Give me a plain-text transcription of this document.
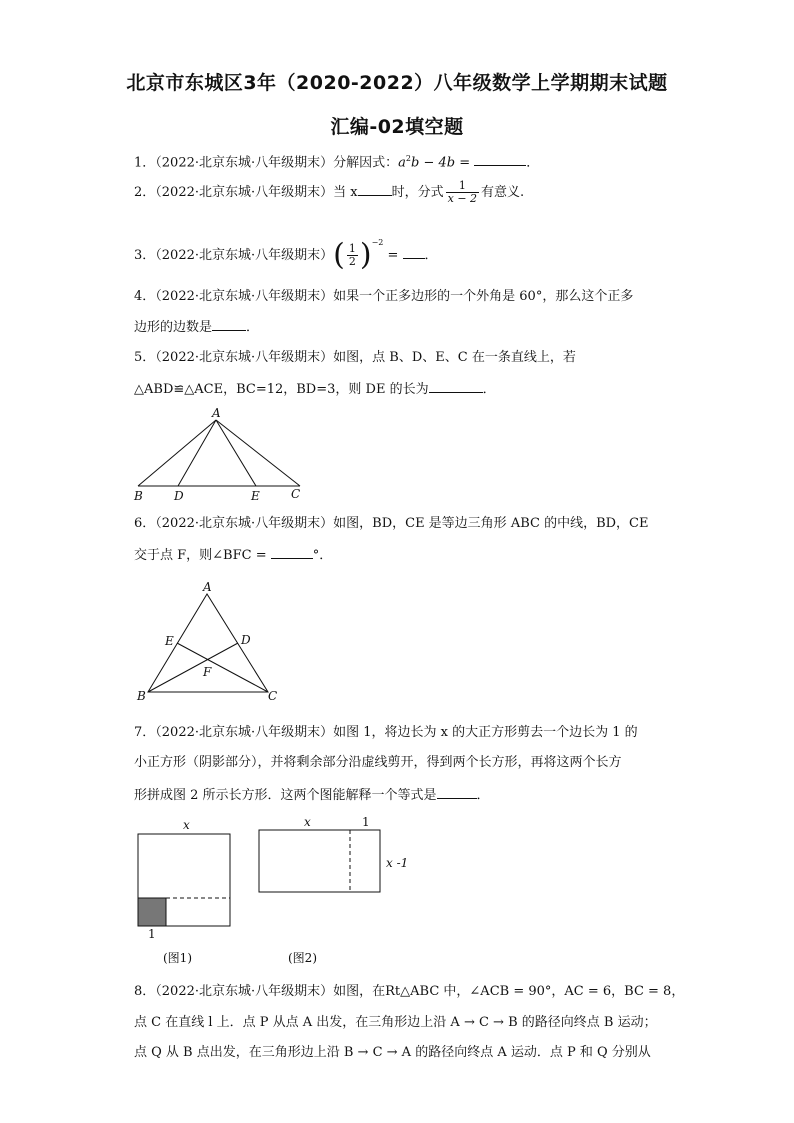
北京市东城区3年（2020-2022）八年级数学上学期期末试题
汇编-02填空题
1．（2022·北京东城·八年级期末）分解因式：$a^2b - 4b$ =	．
2．（2022·北京东城·八年级期末）当 x	时，分式 $\frac{1}{x - 2}$ 有意义.
3．（2022·北京东城·八年级期末）( $\frac{1}{2} )^{-2}$ = ．
4．（2022·北京东城·八年级期末）如果一个正多边形的一个外角是 60°，那么这个正多
边形的边数是	．
5．（2022·北京东城·八年级期末）如图，点 B、D、E、C 在一条直线上，若
△ABD≌△ACE，BC=12，BD=3，则 DE 的长为	．
A
B	D	E	C
6．（2022·北京东城·八年级期末）如图，BD，CE 是等边三角形 ABC 的中线，BD，CE
交于点 F，则∠BFC =	°．
A
E	D
F
B	C
7．（2022·北京东城·八年级期末）如图 1，将边长为 x 的大正方形剪去一个边长为 1 的
小正方形（阴影部分），并将剩余部分沿虚线剪开，得到两个长方形，再将这两个长方
形拼成图 2 所示长方形．这两个图能解释一个等式是	．
x
1
x	1
x -1
(图1)	(图2)
8．（2022·北京东城·八年级期末）如图，在Rt△ABC 中，∠ACB = 90°，AC = 6，BC = 8，
点 C 在直线 l 上．点 P 从点 A 出发，在三角形边上沿 A → C → B 的路径向终点 B 运动；
点 Q 从 B 点出发，在三角形边上沿 B → C → A 的路径向终点 A 运动．点 P 和 Q 分别从
